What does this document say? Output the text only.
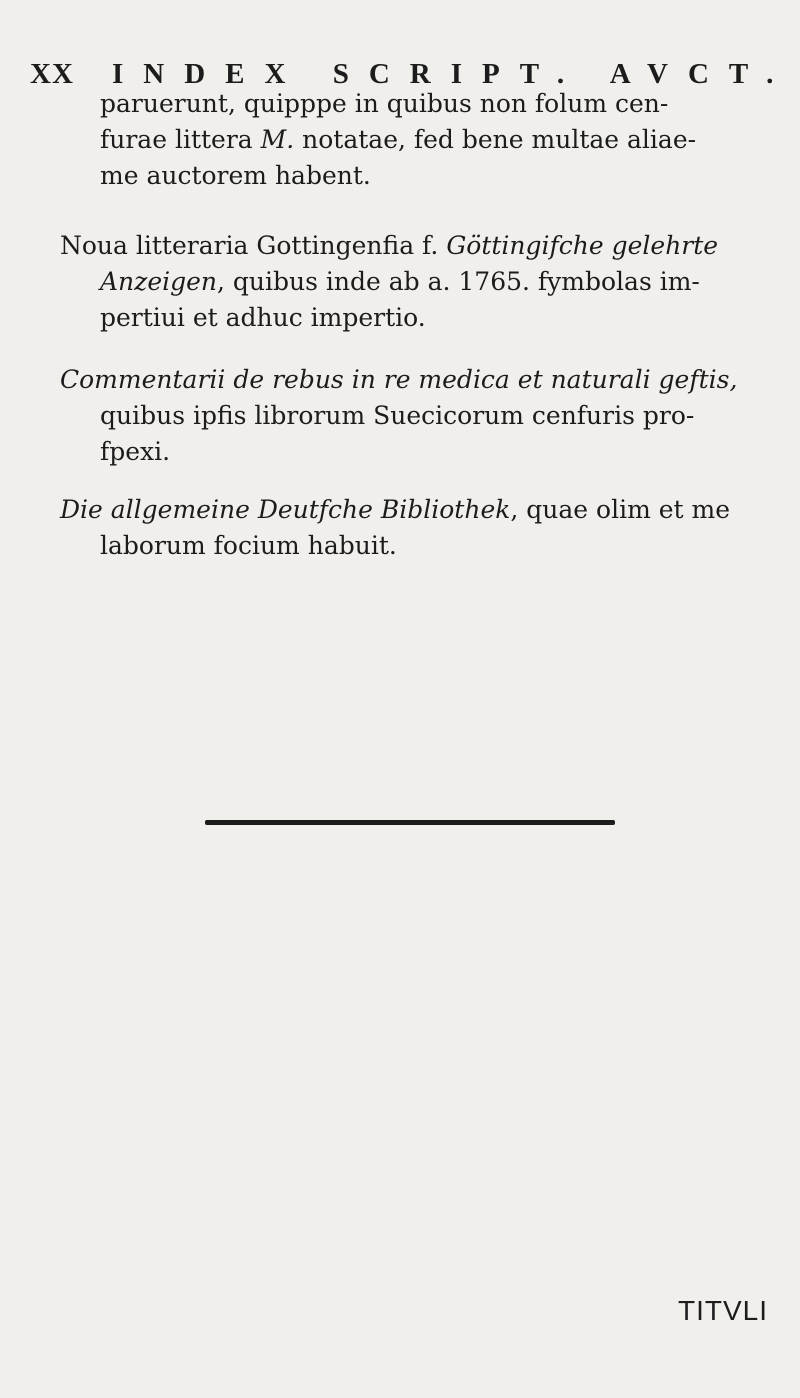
XX INDEX SCRIPT. AVCT.
paruerunt, quipppe in quibus non folum cen-
furae littera M. notatae, fed bene multae aliae-
me auctorem habent.
Noua litteraria Gottingenfia f. Göttingifche gelehrte
Anzeigen, quibus inde ab a. 1765. fymbolas im-
pertiui et adhuc impertio.
Commentarii de rebus in re medica et naturali geftis,
quibus ipfis librorum Suecicorum cenfuris pro-
fpexi.
Die allgemeine Deutfche Bibliothek, quae olim et me
laborum focium habuit.
TITVLI
